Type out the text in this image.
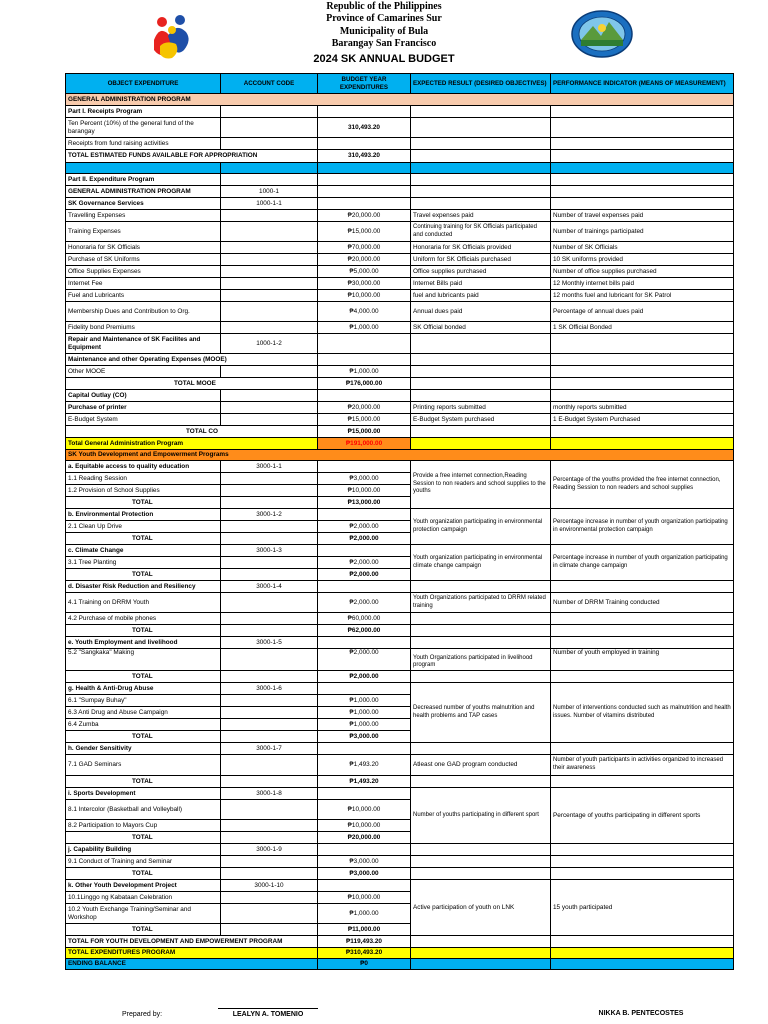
Republic of the Philippines
Province of Camarines Sur
Municipality of Bula
Barangay San Francisco
2024 SK ANNUAL BUDGET
OBJECT EXPENDITURE	ACCOUNT CODE	BUDGET YEAR EXPENDITURES	EXPECTED RESULT (DESIRED OBJECTIVES)	PERFORMANCE INDICATOR (MEANS OF MEASUREMENT)
GENERAL ADMINISTRATION PROGRAM				
Part I. Receipts Program				
Ten Percent (10%) of the general fund of the barangay		310,493.20		
Receipts from fund raising activities				
TOTAL ESTIMATED FUNDS AVAILABLE FOR APPROPRIATION		310,493.20		

Part II. Expenditure Program				
GENERAL ADMINISTRATION PROGRAM	1000-1			
SK Governance Services	1000-1-1			
Travelling Expenses		₱20,000.00	Travel expenses paid	Number of travel expenses paid
Training Expenses		₱15,000.00	Continuing training for SK Officials participated and conducted	Number of trainings participated
Honoraria for SK Officials		₱70,000.00	Honoraria for SK Officials provided	Number of SK Officials
Purchase of SK Uniforms		₱20,000.00	Uniform for SK Officials purchased	10 SK uniforms provided
Office Supplies Expenses		₱5,000.00	Office supplies purchased	Number of office supplies purchased
Internet Fee		₱30,000.00	Internet Bills paid	12 Monthly internet bills paid
Fuel and Lubricants		₱10,000.00	fuel and lubricants paid	12 months fuel and lubricant for SK Patrol
Membership Dues and Contribution to Org.		₱4,000.00	Annual dues paid	Percentage of annual dues paid
Fidelity bond Premiums		₱1,000.00	SK Official bonded	1 SK Official Bonded
Repair and Maintenance of SK Facilites and Equipment	1000-1-2			
Maintenance and other Operating Expenses (MOOE)				
Other MOOE		₱1,000.00		
TOTAL MOOE		₱176,000.00		
Capital Outlay (CO)				
Purchase of printer		₱20,000.00	Printing reports submitted	monthly reports submitted
E-Budget System		₱15,000.00	E-Budget System purchased	1 E-Budget System Purchased
TOTAL CO		₱15,000.00		
Total General Administration Program		₱191,000.00		
SK Youth Development and Empowerment Programs				
a. Equitable access to quality education	3000-1-1		Provide a free internet connection,Reading Session to non readers and school supplies to the youths	Percentage of the youths provided the free internet connection, Reading Session to non readers and school supplies
1.1 Reading Session		₱3,000.00		
1.2 Provision of School Supplies		₱10,000.00		
TOTAL		₱13,000.00		
b. Environmental Protection	3000-1-2		Youth organization participating in environmental protection campaign	Percentage increase in number of youth organization participating in environmental protection campaign
2.1 Clean Up Drive		₱2,000.00		
TOTAL		₱2,000.00		
c. Climate Change	3000-1-3		Youth organization participating in environmental climate change campaign	Percentage increase in number of youth organization participating in climate change campaign
3.1 Tree Planting		₱2,000.00		
TOTAL		₱2,000.00		
d. Disaster Risk Reduction and Resiliency	3000-1-4			
4.1 Training on DRRM Youth		₱2,000.00	Youth Organizations participated to DRRM related training	Number of DRRM Training conducted
4.2 Purchase of mobile phones		₱60,000.00		
TOTAL		₱62,000.00		
e. Youth Employment and livelihood	3000-1-5			
5.2 "Sangkaka" Making		₱2,000.00	Youth Organizations participated in livelihood program	Number of youth employed in training
TOTAL		₱2,000.00		
g. Health & Anti-Drug Abuse	3000-1-6		Decreased number of youths malnutrition and health problems and TAP cases	Number of interventions conducted such as malnutrition and health issues. Number of vitamins distributed
6.1 "Sumpay Buhay"		₱1,000.00		
6.3 Anti Drug and Abuse Campaign		₱1,000.00		
6.4 Zumba		₱1,000.00		
TOTAL		₱3,000.00		
h. Gender Sensitivity	3000-1-7			
7.1 GAD Seminars		₱1,493.20	Atleast one GAD program conducted	Number of youth participants in activities organized to increased their awareness
TOTAL		₱1,493.20		
i. Sports Development	3000-1-8		Number of youths participating in different sport	Percentage of youths participating in different sports
8.1 Intercolor (Basketball and Volleyball)		₱10,000.00		
8.2 Participation to Mayors Cup		₱10,000.00		
TOTAL		₱20,000.00		
j. Capability Building	3000-1-9			
9.1 Conduct of Training and Seminar		₱3,000.00		
TOTAL		₱3,000.00		
k. Other Youth Development Project	3000-1-10		Active participation of youth on LNK	15 youth participated
10.1Linggo ng Kabataan Celebration		₱10,000.00		
10.2 Youth Exchange Training/Seminar and Workshop		₱1,000.00		
TOTAL		₱11,000.00		
TOTAL FOR YOUTH DEVELOPMENT AND EMPOWERMENT PROGRAM		₱119,493.20		
TOTAL EXPENDITURES PROGRAM		₱310,493.20		
ENDING BALANCE		₱0		
Prepared by:	LEALYN A. TOMENIO	NIKKA B. PENTECOSTES
